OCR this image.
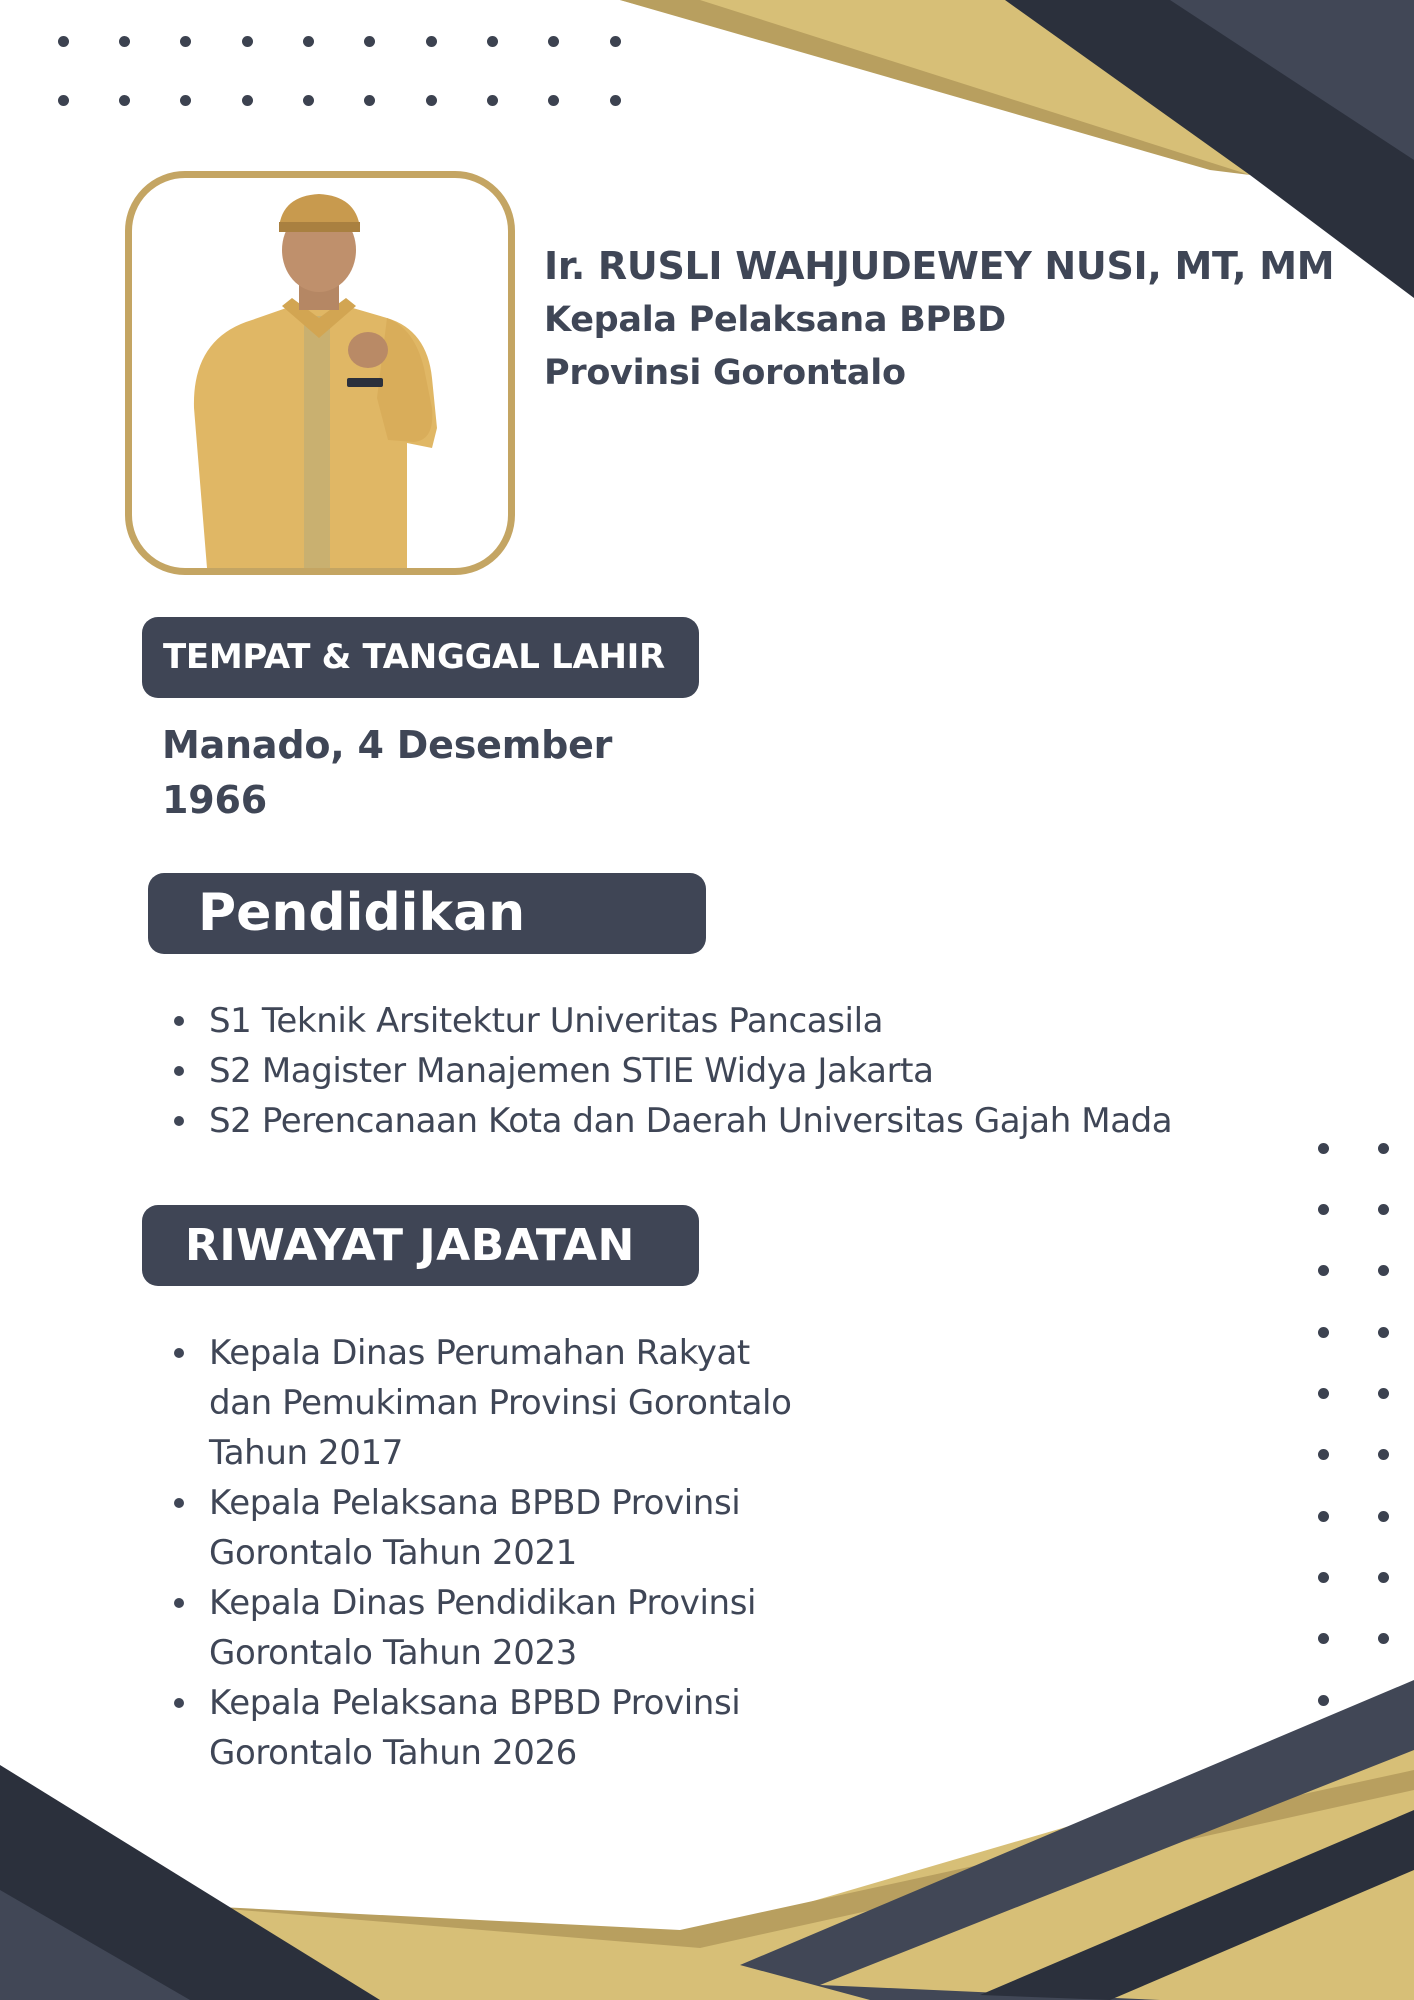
Ir. RUSLI WAHJUDEWEY NUSI, MT, MM
Kepala Pelaksana BPBD
Provinsi Gorontalo
TEMPAT & TANGGAL LAHIR
Manado, 4 Desember
1966
Pendidikan
S1 Teknik Arsitektur Univeritas Pancasila
S2 Magister Manajemen STIE Widya Jakarta
S2 Perencanaan Kota dan Daerah Universitas Gajah Mada
RIWAYAT JABATAN
Kepala Dinas Perumahan Rakyat dan Pemukiman Provinsi Gorontalo Tahun 2017
Kepala Pelaksana BPBD Provinsi Gorontalo Tahun 2021
Kepala Dinas Pendidikan Provinsi Gorontalo Tahun 2023
Kepala Pelaksana BPBD Provinsi Gorontalo Tahun 2026
